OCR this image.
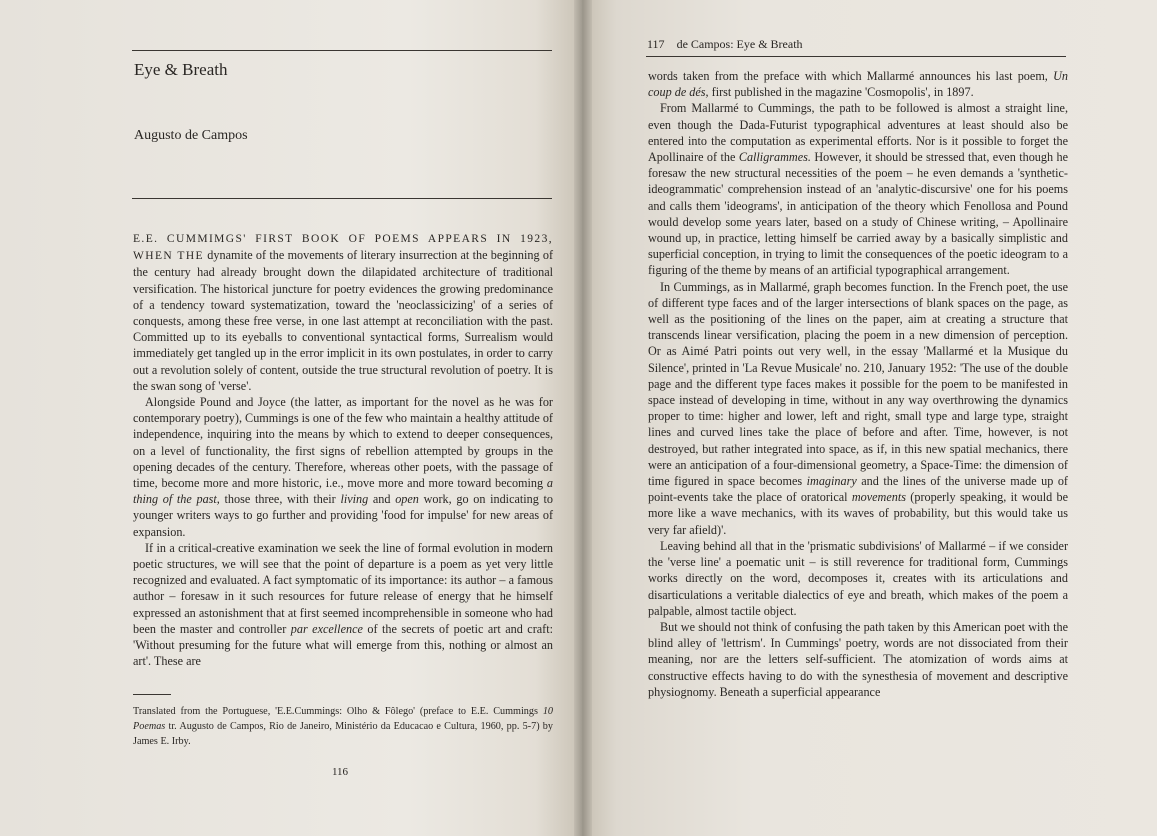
Eye & Breath
Augusto de Campos

E.E. CUMMIMGS' FIRST BOOK OF POEMS APPEARS IN 1923, WHEN THE dynamite of the movements of literary insurrection at the beginning of the century had already brought down the dilapidated architecture of traditional versification. The historical juncture for poetry evidences the growing predominance of a tendency toward systematization, toward the 'neoclassicizing' of a series of conquests, among these free verse, in one last attempt at reconciliation with the past. Committed up to its eyeballs to conventional syntactical forms, Surrealism would immediately get tangled up in the error implicit in its own postulates, in order to carry out a revolution solely of content, outside the true structural revolution of poetry. It is the swan song of 'verse'.

Alongside Pound and Joyce (the latter, as important for the novel as he was for contemporary poetry), Cummings is one of the few who maintain a healthy attitude of independence, inquiring into the means by which to extend to deeper consequences, on a level of functionality, the first signs of rebellion attempted by groups in the opening decades of the century. Therefore, whereas other poets, with the passage of time, become more and more historic, i.e., move more and more toward becoming a thing of the past, those three, with their living and open work, go on indicating to younger writers ways to go further and providing 'food for impulse' for new areas of expansion.

If in a critical-creative examination we seek the line of formal evolution in modern poetic structures, we will see that the point of departure is a poem as yet very little recognized and evaluated. A fact symptomatic of its importance: its author – a famous author – foresaw in it such resources for future release of energy that he himself expressed an astonishment that at first seemed incomprehensible in someone who had been the master and controller par excellence of the secrets of poetic art and craft: 'Without presuming for the future what will emerge from this, nothing or almost an art'. These are

Translated from the Portuguese, 'E.E.Cummings: Olho & Fôlego' (preface to E.E. Cummings 10 Poemas tr. Augusto de Campos, Rio de Janeiro, Ministério da Educacao e Cultura, 1960, pp. 5-7) by James E. Irby.
116
117 de Campos: Eye & Breath

words taken from the preface with which Mallarmé announces his last poem, Un coup de dés, first published in the magazine 'Cosmopolis', in 1897.

From Mallarmé to Cummings, the path to be followed is almost a straight line, even though the Dada-Futurist typographical adventures at least should also be entered into the computation as experimental efforts. Nor is it possible to forget the Apollinaire of the Calligrammes. However, it should be stressed that, even though he foresaw the new structural necessities of the poem – he even demands a 'synthetic-ideogrammatic' comprehension instead of an 'analytic-discursive' one for his poems and calls them 'ideograms', in anticipation of the theory which Fenollosa and Pound would develop some years later, based on a study of Chinese writing, – Apollinaire wound up, in practice, letting himself be carried away by a basically simplistic and superficial conception, in trying to limit the consequences of the poetic ideogram to a figuring of the theme by means of an artificial typographical arrangement.

In Cummings, as in Mallarmé, graph becomes function. In the French poet, the use of different type faces and of the larger intersections of blank spaces on the page, as well as the positioning of the lines on the paper, aim at creating a structure that transcends linear versification, placing the poem in a new dimension of perception. Or as Aimé Patri points out very well, in the essay 'Mallarmé et la Musique du Silence', printed in 'La Revue Musicale' no. 210, January 1952: 'The use of the double page and the different type faces makes it possible for the poem to be manifested in space instead of developing in time, without in any way overthrowing the dynamics proper to time: higher and lower, left and right, small type and large type, straight lines and curved lines take the place of before and after. Time, however, is not destroyed, but rather integrated into space, as if, in this new spatial mechanics, there were an anticipation of a four-dimensional geometry, a Space-Time: the dimension of time figured in space becomes imaginary and the lines of the universe made up of point-events take the place of oratorical movements (properly speaking, it would be more like a wave mechanics, with its waves of probability, but this would take us very far afield)'.

Leaving behind all that in the 'prismatic subdivisions' of Mallarmé – if we consider the 'verse line' a poematic unit – is still reverence for traditional form, Cummings works directly on the word, decomposes it, creates with its articulations and disarticulations a veritable dialectics of eye and breath, which makes of the poem a palpable, almost tactile object.

But we should not think of confusing the path taken by this American poet with the blind alley of 'lettrism'. In Cummings' poetry, words are not dissociated from their meaning, nor are the letters self-sufficient. The atomization of words aims at constructive effects having to do with the synesthesia of movement and descriptive physiognomy. Beneath a superficial appearance
